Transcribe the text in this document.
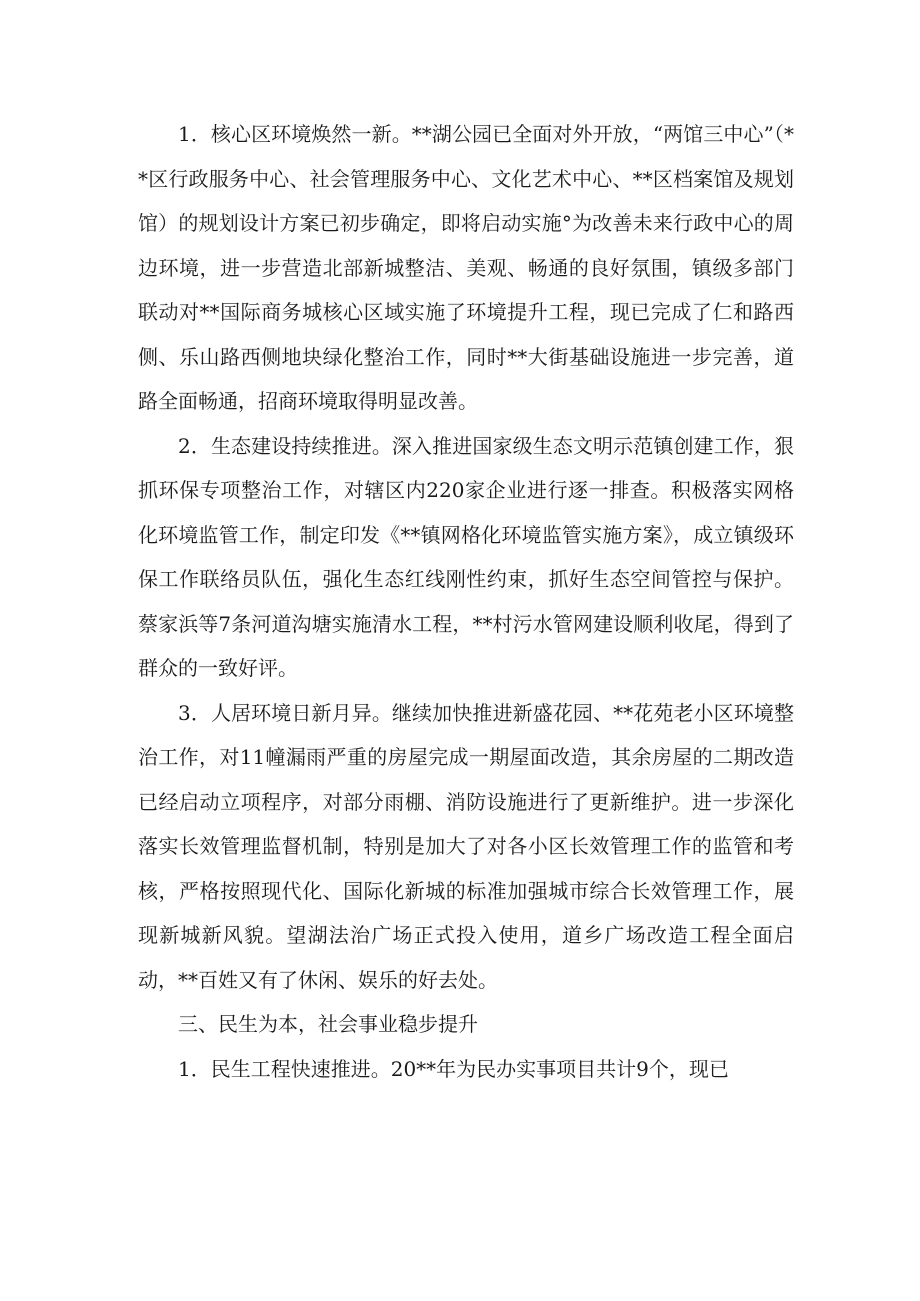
1．核心区环境焕然一新。**湖公园已全面对外开放，“两馆三中心”（**区行政服务中心、社会管理服务中心、文化艺术中心、**区档案馆及规划馆）的规划设计方案已初步确定，即将启动实施°为改善未来行政中心的周边环境，进一步营造北部新城整洁、美观、畅通的良好氛围，镇级多部门联动对**国际商务城核心区域实施了环境提升工程，现已完成了仁和路西侧、乐山路西侧地块绿化整治工作，同时**大街基础设施进一步完善，道路全面畅通，招商环境取得明显改善。

2．生态建设持续推进。深入推进国家级生态文明示范镇创建工作，狠抓环保专项整治工作，对辖区内220家企业进行逐一排查。积极落实网格化环境监管工作，制定印发《**镇网格化环境监管实施方案》，成立镇级环保工作联络员队伍，强化生态红线刚性约束，抓好生态空间管控与保护。蔡家浜等7条河道沟塘实施清水工程，**村污水管网建设顺利收尾，得到了群众的一致好评。

3．人居环境日新月异。继续加快推进新盛花园、**花苑老小区环境整治工作，对11幢漏雨严重的房屋完成一期屋面改造，其余房屋的二期改造已经启动立项程序，对部分雨棚、消防设施进行了更新维护。进一步深化落实长效管理监督机制，特别是加大了对各小区长效管理工作的监管和考核，严格按照现代化、国际化新城的标准加强城市综合长效管理工作，展现新城新风貌。望湖法治广场正式投入使用，道乡广场改造工程全面启动，**百姓又有了休闲、娱乐的好去处。

三、民生为本，社会事业稳步提升

1．民生工程快速推进。20**年为民办实事项目共计9个，现已
